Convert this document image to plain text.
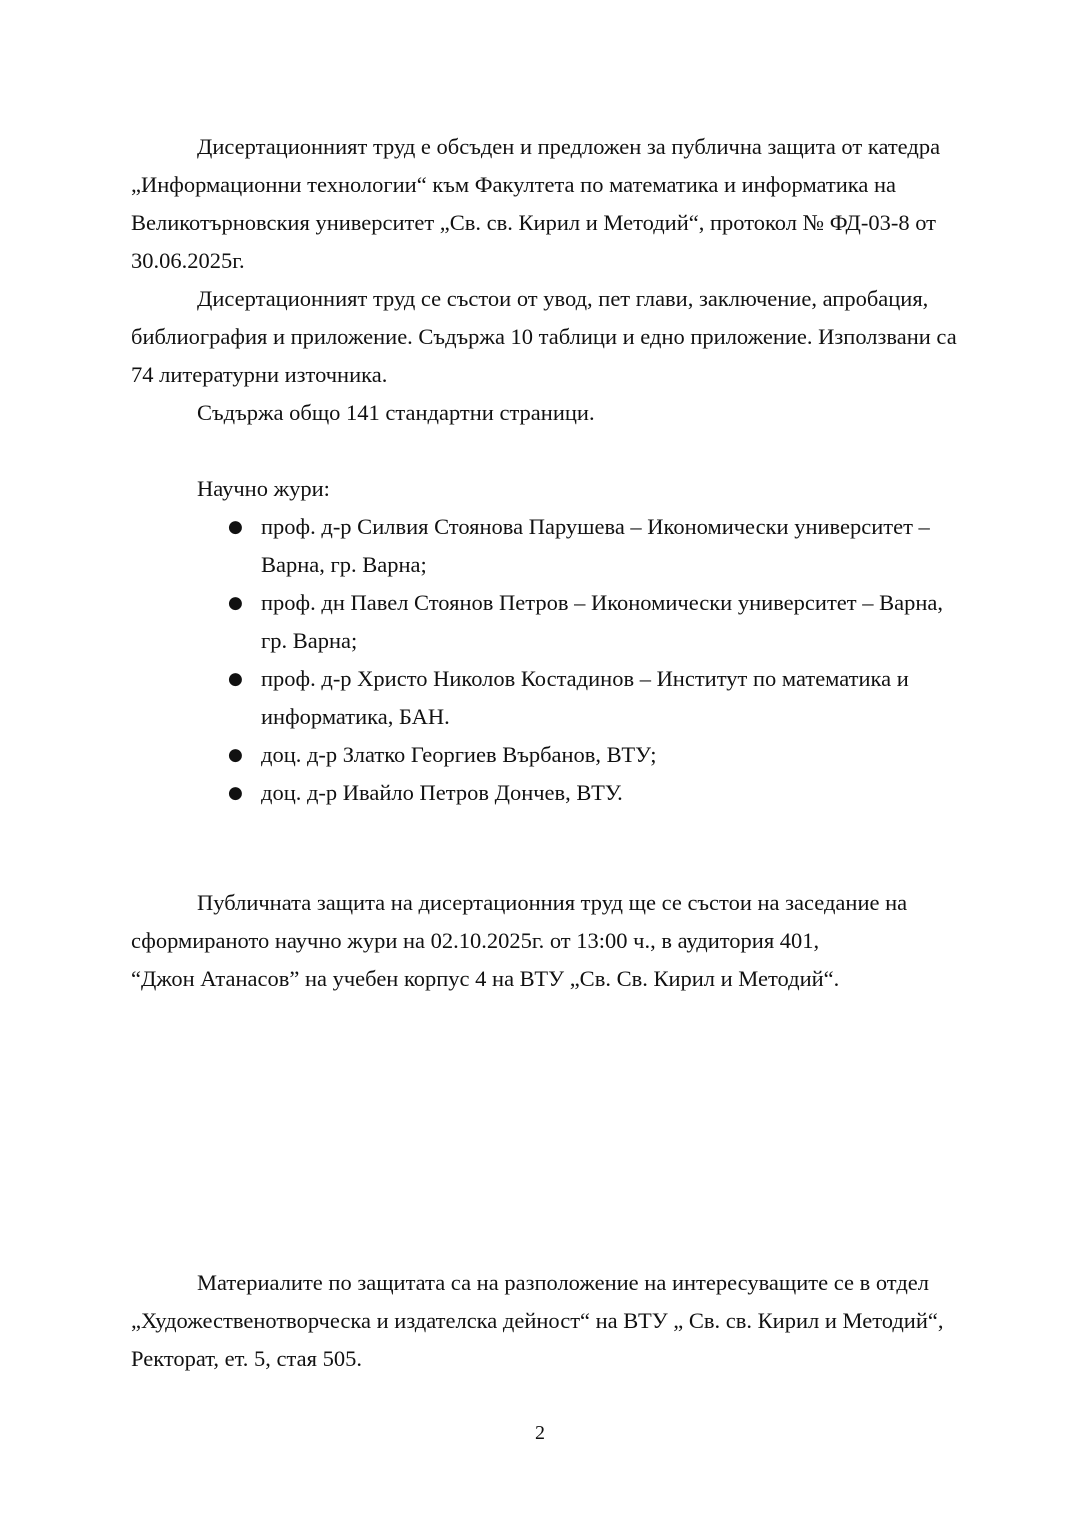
Дисертационният труд е обсъден и предложен за публична защита от катедра „Информационни технологии“ към Факултета по математика и информатика на Великотърновския университет „Св. св. Кирил и Методий“, протокол № ФД-03-8 от 30.06.2025г.

Дисертационният труд се състои от увод, пет глави, заключение, апробация, библиография и приложение. Съдържа 10 таблици и едно приложение. Използвани са 74 литературни източника.

Съдържа общо 141 стандартни страници.

Научно жури:

● проф. д-р Силвия Стоянова Парушева – Икономически университет –Варна, гр. Варна;
● проф. дн Павел Стоянов Петров – Икономически университет – Варна, гр. Варна;
● проф. д-р Христо Николов Костадинов – Институт по математика и информатика, БАН.
● доц. д-р Златко Георгиев Върбанов, ВТУ;
● доц. д-р Ивайло Петров Дончев, ВТУ.

Публичната защита на дисертационния труд ще се състои на заседание на сформираното научно жури на 02.10.2025г. от 13:00 ч., в аудитория 401,

“Джон Атанасов” на учебен корпус 4 на ВТУ „Св. Св. Кирил и Методий“.

Материалите по защитата са на разположение на интересуващите се в отдел „Художественотворческа и издателска дейност“ на ВТУ „ Св. св. Кирил и Методий“, Ректорат, ет. 5, стая 505.

2
